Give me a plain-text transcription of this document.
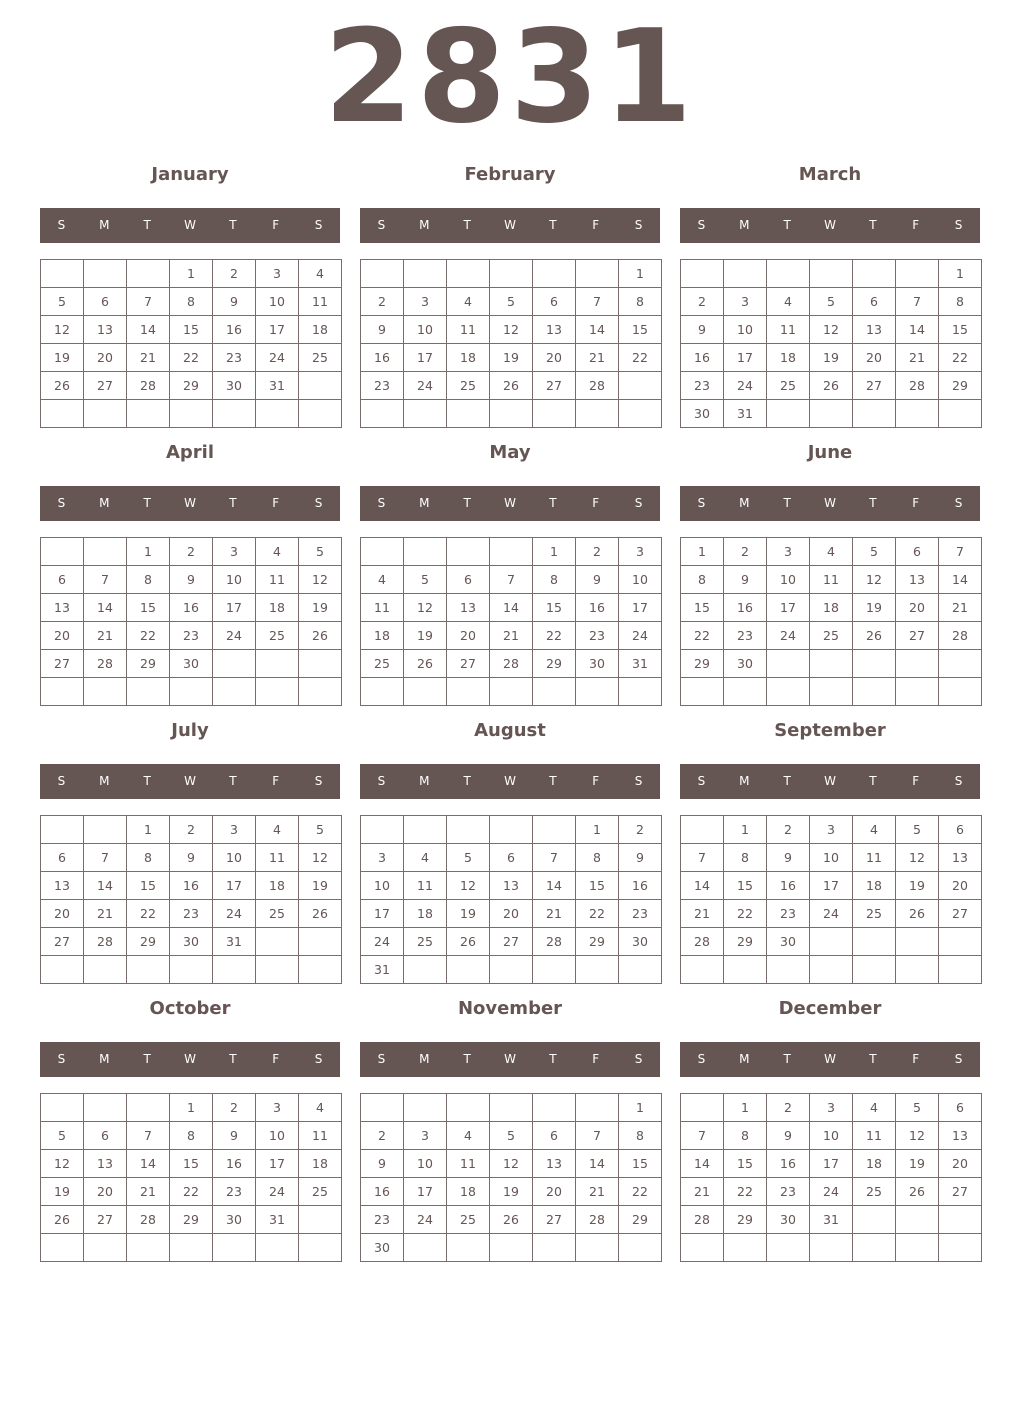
2831
January
S	M	T	W	T	F	S
			1	2	3	4
5	6	7	8	9	10	11
12	13	14	15	16	17	18
19	20	21	22	23	24	25
26	27	28	29	30	31	

February
S	M	T	W	T	F	S
						1
2	3	4	5	6	7	8
9	10	11	12	13	14	15
16	17	18	19	20	21	22
23	24	25	26	27	28	

March
S	M	T	W	T	F	S
						1
2	3	4	5	6	7	8
9	10	11	12	13	14	15
16	17	18	19	20	21	22
23	24	25	26	27	28	29
30	31					
April
S	M	T	W	T	F	S
		1	2	3	4	5
6	7	8	9	10	11	12
13	14	15	16	17	18	19
20	21	22	23	24	25	26
27	28	29	30			

May
S	M	T	W	T	F	S
				1	2	3
4	5	6	7	8	9	10
11	12	13	14	15	16	17
18	19	20	21	22	23	24
25	26	27	28	29	30	31

June
S	M	T	W	T	F	S
1	2	3	4	5	6	7
8	9	10	11	12	13	14
15	16	17	18	19	20	21
22	23	24	25	26	27	28
29	30					

July
S	M	T	W	T	F	S
		1	2	3	4	5
6	7	8	9	10	11	12
13	14	15	16	17	18	19
20	21	22	23	24	25	26
27	28	29	30	31		

August
S	M	T	W	T	F	S
					1	2
3	4	5	6	7	8	9
10	11	12	13	14	15	16
17	18	19	20	21	22	23
24	25	26	27	28	29	30
31						
September
S	M	T	W	T	F	S
	1	2	3	4	5	6
7	8	9	10	11	12	13
14	15	16	17	18	19	20
21	22	23	24	25	26	27
28	29	30				

October
S	M	T	W	T	F	S
			1	2	3	4
5	6	7	8	9	10	11
12	13	14	15	16	17	18
19	20	21	22	23	24	25
26	27	28	29	30	31	

November
S	M	T	W	T	F	S
						1
2	3	4	5	6	7	8
9	10	11	12	13	14	15
16	17	18	19	20	21	22
23	24	25	26	27	28	29
30						
December
S	M	T	W	T	F	S
	1	2	3	4	5	6
7	8	9	10	11	12	13
14	15	16	17	18	19	20
21	22	23	24	25	26	27
28	29	30	31			
